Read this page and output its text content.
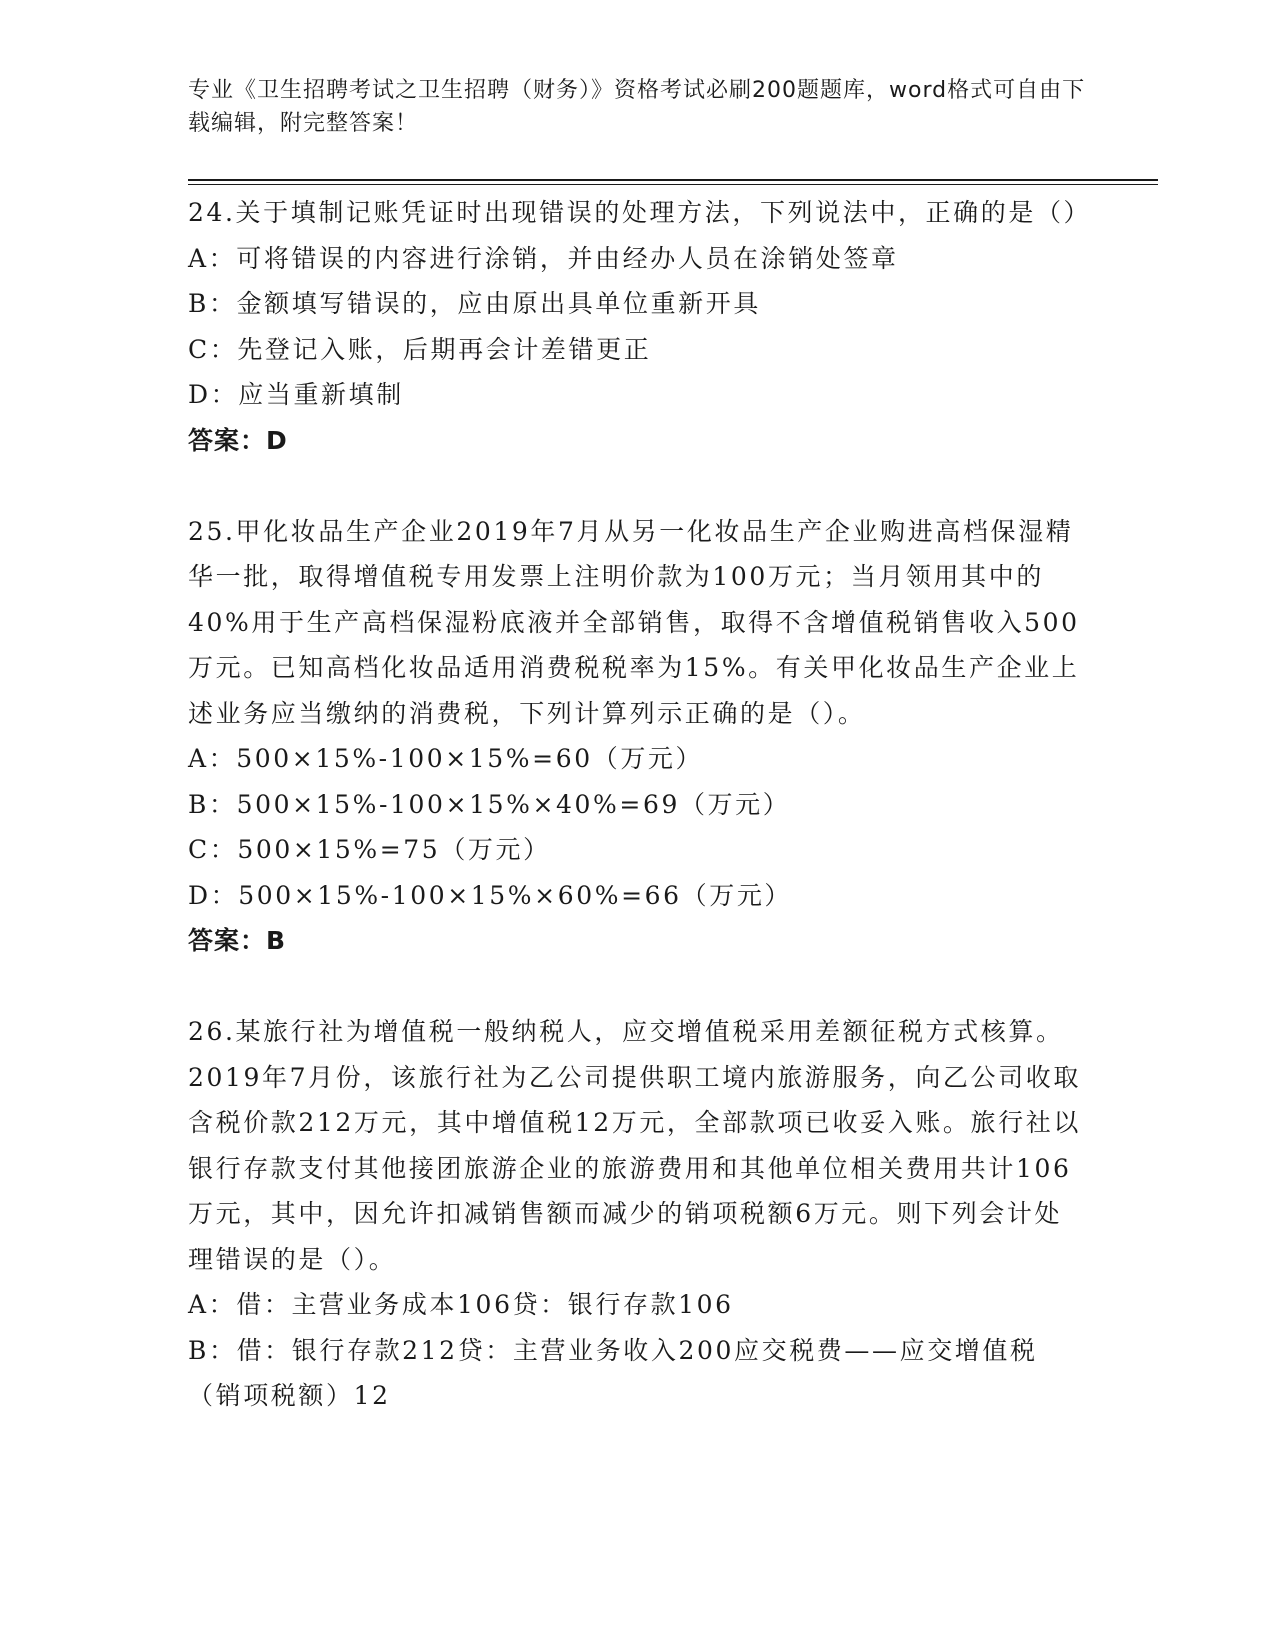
专业《卫生招聘考试之卫生招聘（财务）》资格考试必刷200题题库，word格式可自由下载编辑，附完整答案！

24.关于填制记账凭证时出现错误的处理方法，下列说法中，正确的是（）

A：可将错误的内容进行涂销，并由经办人员在涂销处签章

B：金额填写错误的，应由原出具单位重新开具

C：先登记入账，后期再会计差错更正

D：应当重新填制

答案：D

25.甲化妆品生产企业2019年7月从另一化妆品生产企业购进高档保湿精华一批，取得增值税专用发票上注明价款为100万元；当月领用其中的40%用于生产高档保湿粉底液并全部销售，取得不含增值税销售收入500万元。已知高档化妆品适用消费税税率为15%。有关甲化妆品生产企业上述业务应当缴纳的消费税，下列计算列示正确的是（）。

A：500×15%-100×15%=60（万元）

B：500×15%-100×15%×40%=69（万元）

C：500×15%=75（万元）

D：500×15%-100×15%×60%=66（万元）

答案：B

26.某旅行社为增值税一般纳税人，应交增值税采用差额征税方式核算。2019年7月份，该旅行社为乙公司提供职工境内旅游服务，向乙公司收取含税价款212万元，其中增值税12万元，全部款项已收妥入账。旅行社以银行存款支付其他接团旅游企业的旅游费用和其他单位相关费用共计106万元，其中，因允许扣减销售额而减少的销项税额6万元。则下列会计处理错误的是（）。

A：借：主营业务成本106贷：银行存款106

B：借：银行存款212贷：主营业务收入200应交税费——应交增值税（销项税额）12
